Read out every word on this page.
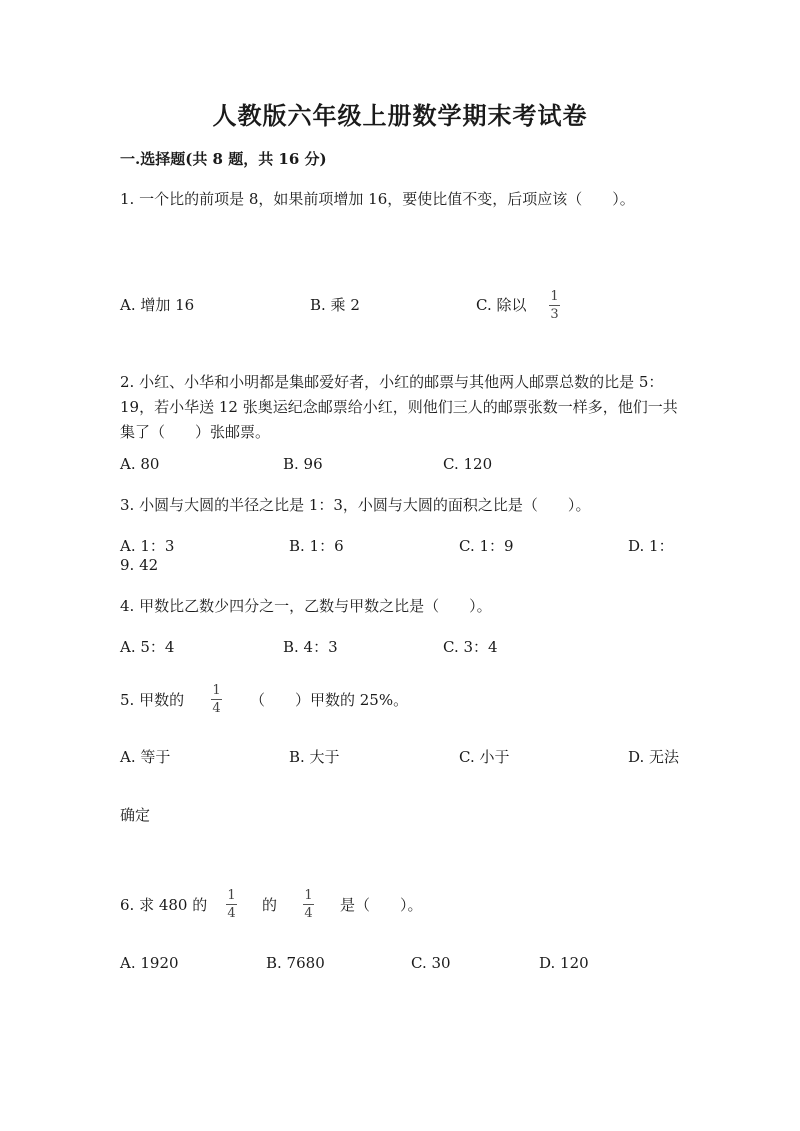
人教版六年级上册数学期末考试卷
一.选择题(共 8 题，共 16 分)
1. 一个比的前项是 8，如果前项增加 16，要使比值不变，后项应该（　　）。
A. 增加 16	B. 乘 2	C. 除以 1
3
2. 小红、小华和小明都是集邮爱好者，小红的邮票与其他两人邮票总数的比是 5：19，若小华送 12 张奥运纪念邮票给小红，则他们三人的邮票张数一样多，他们一共集了（　　）张邮票。
A. 80	B. 96	C. 120
3. 小圆与大圆的半径之比是 1：3，小圆与大圆的面积之比是（　　）。
A. 1：3	B. 1：6	C. 1：9	D. 1：
9. 42
4. 甲数比乙数少四分之一，乙数与甲数之比是（　　）。
A. 5：4	B. 4：3	C. 3：4
5. 甲数的
1
4 （　　）甲数的 25%。
A. 等于	B. 大于	C. 小于	D. 无法
确定
6. 求 480 的
1
4 的
1
4 是（　　）。
A. 1920	B. 7680	C. 30	D. 120
